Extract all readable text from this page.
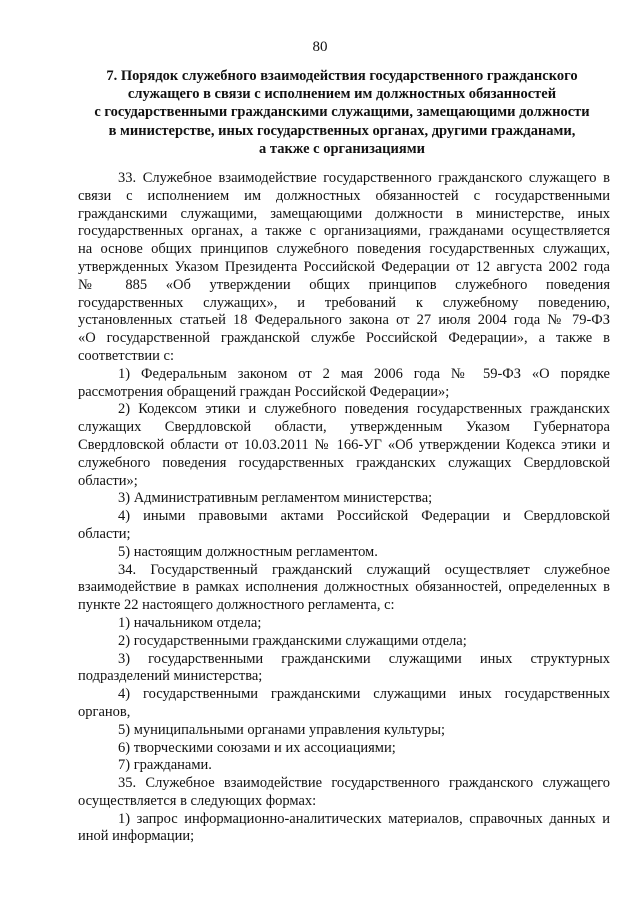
80
7. Порядок служебного взаимодействия государственного гражданского
служащего в связи с исполнением им должностных обязанностей
с государственными гражданскими служащими, замещающими должности
в министерстве, иных государственных органах, другими гражданами,
а также с организациями
33. Служебное взаимодействие государственного гражданского служащего в
связи с исполнением им должностных обязанностей с государственными
гражданскими служащими, замещающими должности в министерстве, иных
государственных органах, а также с организациями, гражданами осуществляется
на основе общих принципов служебного поведения государственных служащих,
утвержденных Указом Президента Российской Федерации от 12 августа 2002 года
№ 885 «Об утверждении общих принципов служебного поведения
государственных служащих», и требований к служебному поведению,
установленных статьей 18 Федерального закона от 27 июля 2004 года № 79-ФЗ
«О государственной гражданской службе Российской Федерации», а также в
соответствии с:
1) Федеральным законом от 2 мая 2006 года № 59-ФЗ «О порядке
рассмотрения обращений граждан Российской Федерации»;
2) Кодексом этики и служебного поведения государственных гражданских
служащих Свердловской области, утвержденным Указом Губернатора
Свердловской области от 10.03.2011 № 166-УГ «Об утверждении Кодекса этики и
служебного поведения государственных гражданских служащих Свердловской
области»;
3) Административным регламентом министерства;
4) иными правовыми актами Российской Федерации и Свердловской
области;
5) настоящим должностным регламентом.
34. Государственный гражданский служащий осуществляет служебное
взаимодействие в рамках исполнения должностных обязанностей, определенных в
пункте 22 настоящего должностного регламента, с:
1) начальником отдела;
2) государственными гражданскими служащими отдела;
3) государственными гражданскими служащими иных структурных
подразделений министерства;
4) государственными гражданскими служащими иных государственных
органов,
5) муниципальными органами управления культуры;
6) творческими союзами и их ассоциациями;
7) гражданами.
35. Служебное взаимодействие государственного гражданского служащего
осуществляется в следующих формах:
1) запрос информационно-аналитических материалов, справочных данных и
иной информации;
